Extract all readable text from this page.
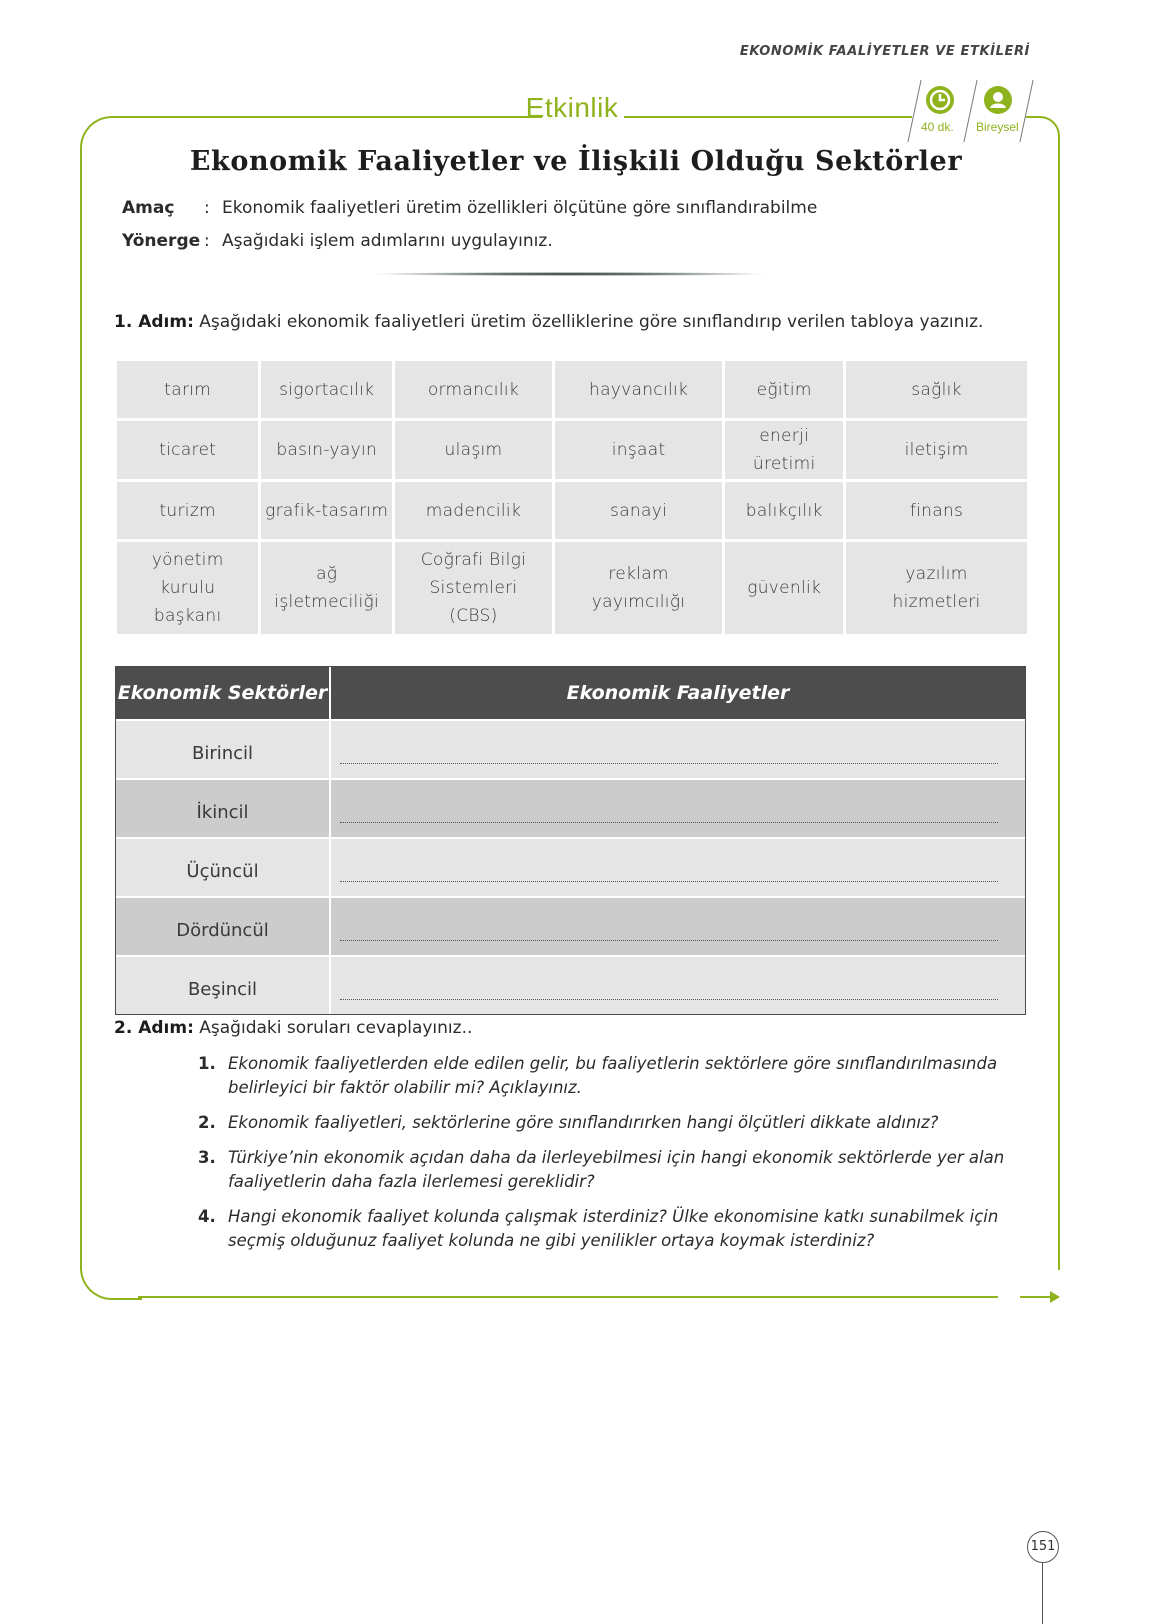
EKONOMİK FAALİYETLER VE ETKİLERİ
Etkinlik
40 dk. Bireysel
Ekonomik Faaliyetler ve İlişkili Olduğu Sektörler
Amaç : Ekonomik faaliyetleri üretim özellikleri ölçütüne göre sınıflandırabilme
Yönerge : Aşağıdaki işlem adımlarını uygulayınız.
1. Adım: Aşağıdaki ekonomik faaliyetleri üretim özelliklerine göre sınıflandırıp verilen tabloya yazınız.
tarım	sigortacılık	ormancılık	hayvancılık	eğitim	sağlık
ticaret	basın-yayın	ulaşım	inşaat	enerji üretimi	iletişim
turizm	grafik-tasarım	madencilik	sanayi	balıkçılık	finans
yönetim kurulu başkanı	ağ işletmeciliği	Coğrafi Bilgi Sistemleri (CBS)	reklam yayımcılığı	güvenlik	yazılım hizmetleri
Ekonomik Sektörler	Ekonomik Faaliyetler
Birincil	

İkincil	

Üçüncül	

Dördüncül	

Beşincil	
2. Adım: Aşağıdaki soruları cevaplayınız..
1. Ekonomik faaliyetlerden elde edilen gelir, bu faaliyetlerin sektörlere göre sınıflandırılmasında belirleyici bir faktör olabilir mi? Açıklayınız.
2. Ekonomik faaliyetleri, sektörlerine göre sınıflandırırken hangi ölçütleri dikkate aldınız?
3. Türkiye’nin ekonomik açıdan daha da ilerleyebilmesi için hangi ekonomik sektörlerde yer alan faaliyetlerin daha fazla ilerlemesi gereklidir?
4. Hangi ekonomik faaliyet kolunda çalışmak isterdiniz? Ülke ekonomisine katkı sunabilmek için seçmiş olduğunuz faaliyet kolunda ne gibi yenilikler ortaya koymak isterdiniz?
151
